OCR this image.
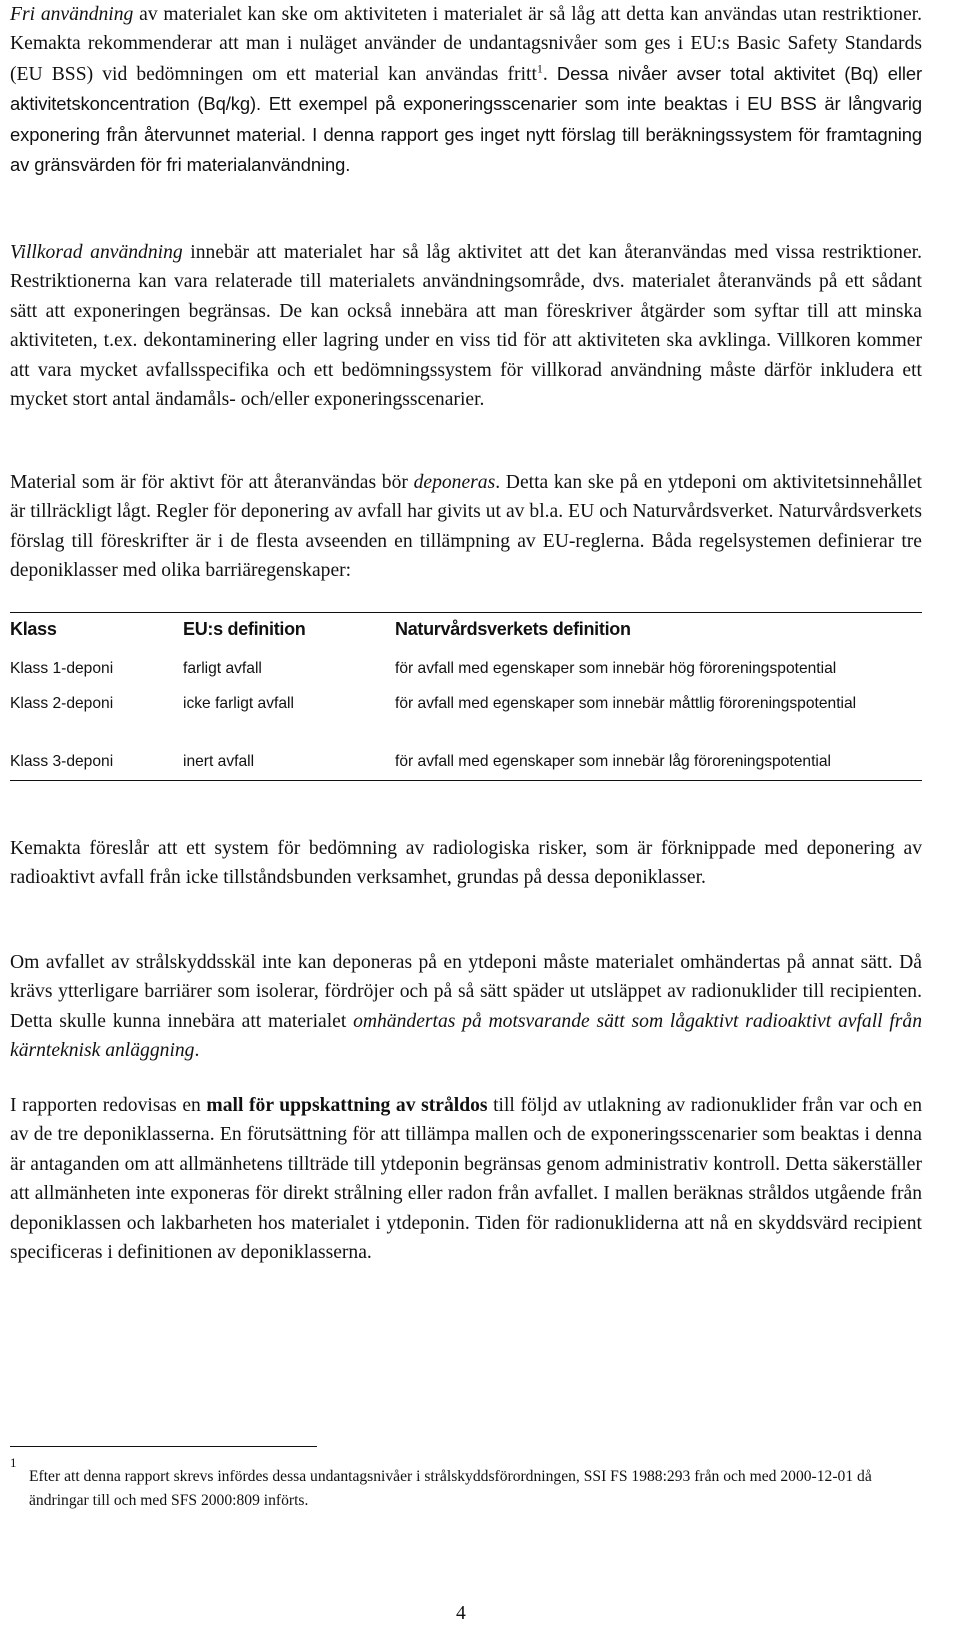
Fri användning av materialet kan ske om aktiviteten i materialet är så låg att detta kan användas utan restriktioner. Kemakta rekommenderar att man i nuläget använder de undantagsnivåer som ges i EU:s Basic Safety Standards (EU BSS) vid bedömningen om ett material kan användas fritt$^1$. Dessa nivåer avser total aktivitet (Bq) eller aktivitetskoncentration (Bq/kg). Ett exempel på exponeringsscenarier som inte beaktas i EU BSS är långvarig exponering från återvunnet material. I denna rapport ges inget nytt förslag till beräkningssystem för framtagning av gränsvärden för fri materialanvändning.

Villkorad användning innebär att materialet har så låg aktivitet att det kan återanvändas med vissa restriktioner. Restriktionerna kan vara relaterade till materialets användningsområde, dvs. materialet återanvänds på ett sådant sätt att exponeringen begränsas. De kan också innebära att man föreskriver åtgärder som syftar till att minska aktiviteten, t.ex. dekontaminering eller lagring under en viss tid för att aktiviteten ska avklinga. Villkoren kommer att vara mycket avfallsspecifika och ett bedömningssystem för villkorad användning måste därför inkludera ett mycket stort antal ändamåls- och/eller exponeringsscenarier.

Material som är för aktivt för att återanvändas bör deponeras. Detta kan ske på en ytdeponi om aktivitetsinnehållet är tillräckligt lågt. Regler för deponering av avfall har givits ut av bl.a. EU och Naturvårdsverket. Naturvårdsverkets förslag till föreskrifter är i de flesta avseenden en tillämpning av EU-reglerna. Båda regelsystemen definierar tre deponiklasser med olika barriäregenskaper:

Klass	EU:s definition	Naturvårdsverkets definition
Klass 1-deponi	farligt avfall	för avfall med egenskaper som innebär hög föroreningspotential
Klass 2-deponi	icke farligt avfall	för avfall med egenskaper som innebär måttlig föroreningspotential
Klass 3-deponi	inert avfall	för avfall med egenskaper som innebär låg föroreningspotential

Kemakta föreslår att ett system för bedömning av radiologiska risker, som är förknippade med deponering av radioaktivt avfall från icke tillståndsbunden verksamhet, grundas på dessa deponiklasser.

Om avfallet av strålskyddsskäl inte kan deponeras på en ytdeponi måste materialet omhändertas på annat sätt. Då krävs ytterligare barriärer som isolerar, fördröjer och på så sätt späder ut utsläppet av radionuklider till recipienten. Detta skulle kunna innebära att materialet omhändertas på motsvarande sätt som lågaktivt radioaktivt avfall från kärnteknisk anläggning.

I rapporten redovisas en mall för uppskattning av stråldos till följd av utlakning av radionuklider från var och en av de tre deponiklasserna. En förutsättning för att tillämpa mallen och de exponeringsscenarier som beaktas i denna är antaganden om att allmänhetens tillträde till ytdeponin begränsas genom administrativ kontroll. Detta säkerställer att allmänheten inte exponeras för direkt strålning eller radon från avfallet. I mallen beräknas stråldos utgående från deponiklassen och lakbarheten hos materialet i ytdeponin. Tiden för radionukliderna att nå en skyddsvärd recipient specificeras i definitionen av deponiklasserna.

1
Efter att denna rapport skrevs infördes dessa undantagsnivåer i strålskyddsförordningen, SSI FS 1988:293 från och med 2000-12-01 då ändringar till och med SFS 2000:809 införts.
4
